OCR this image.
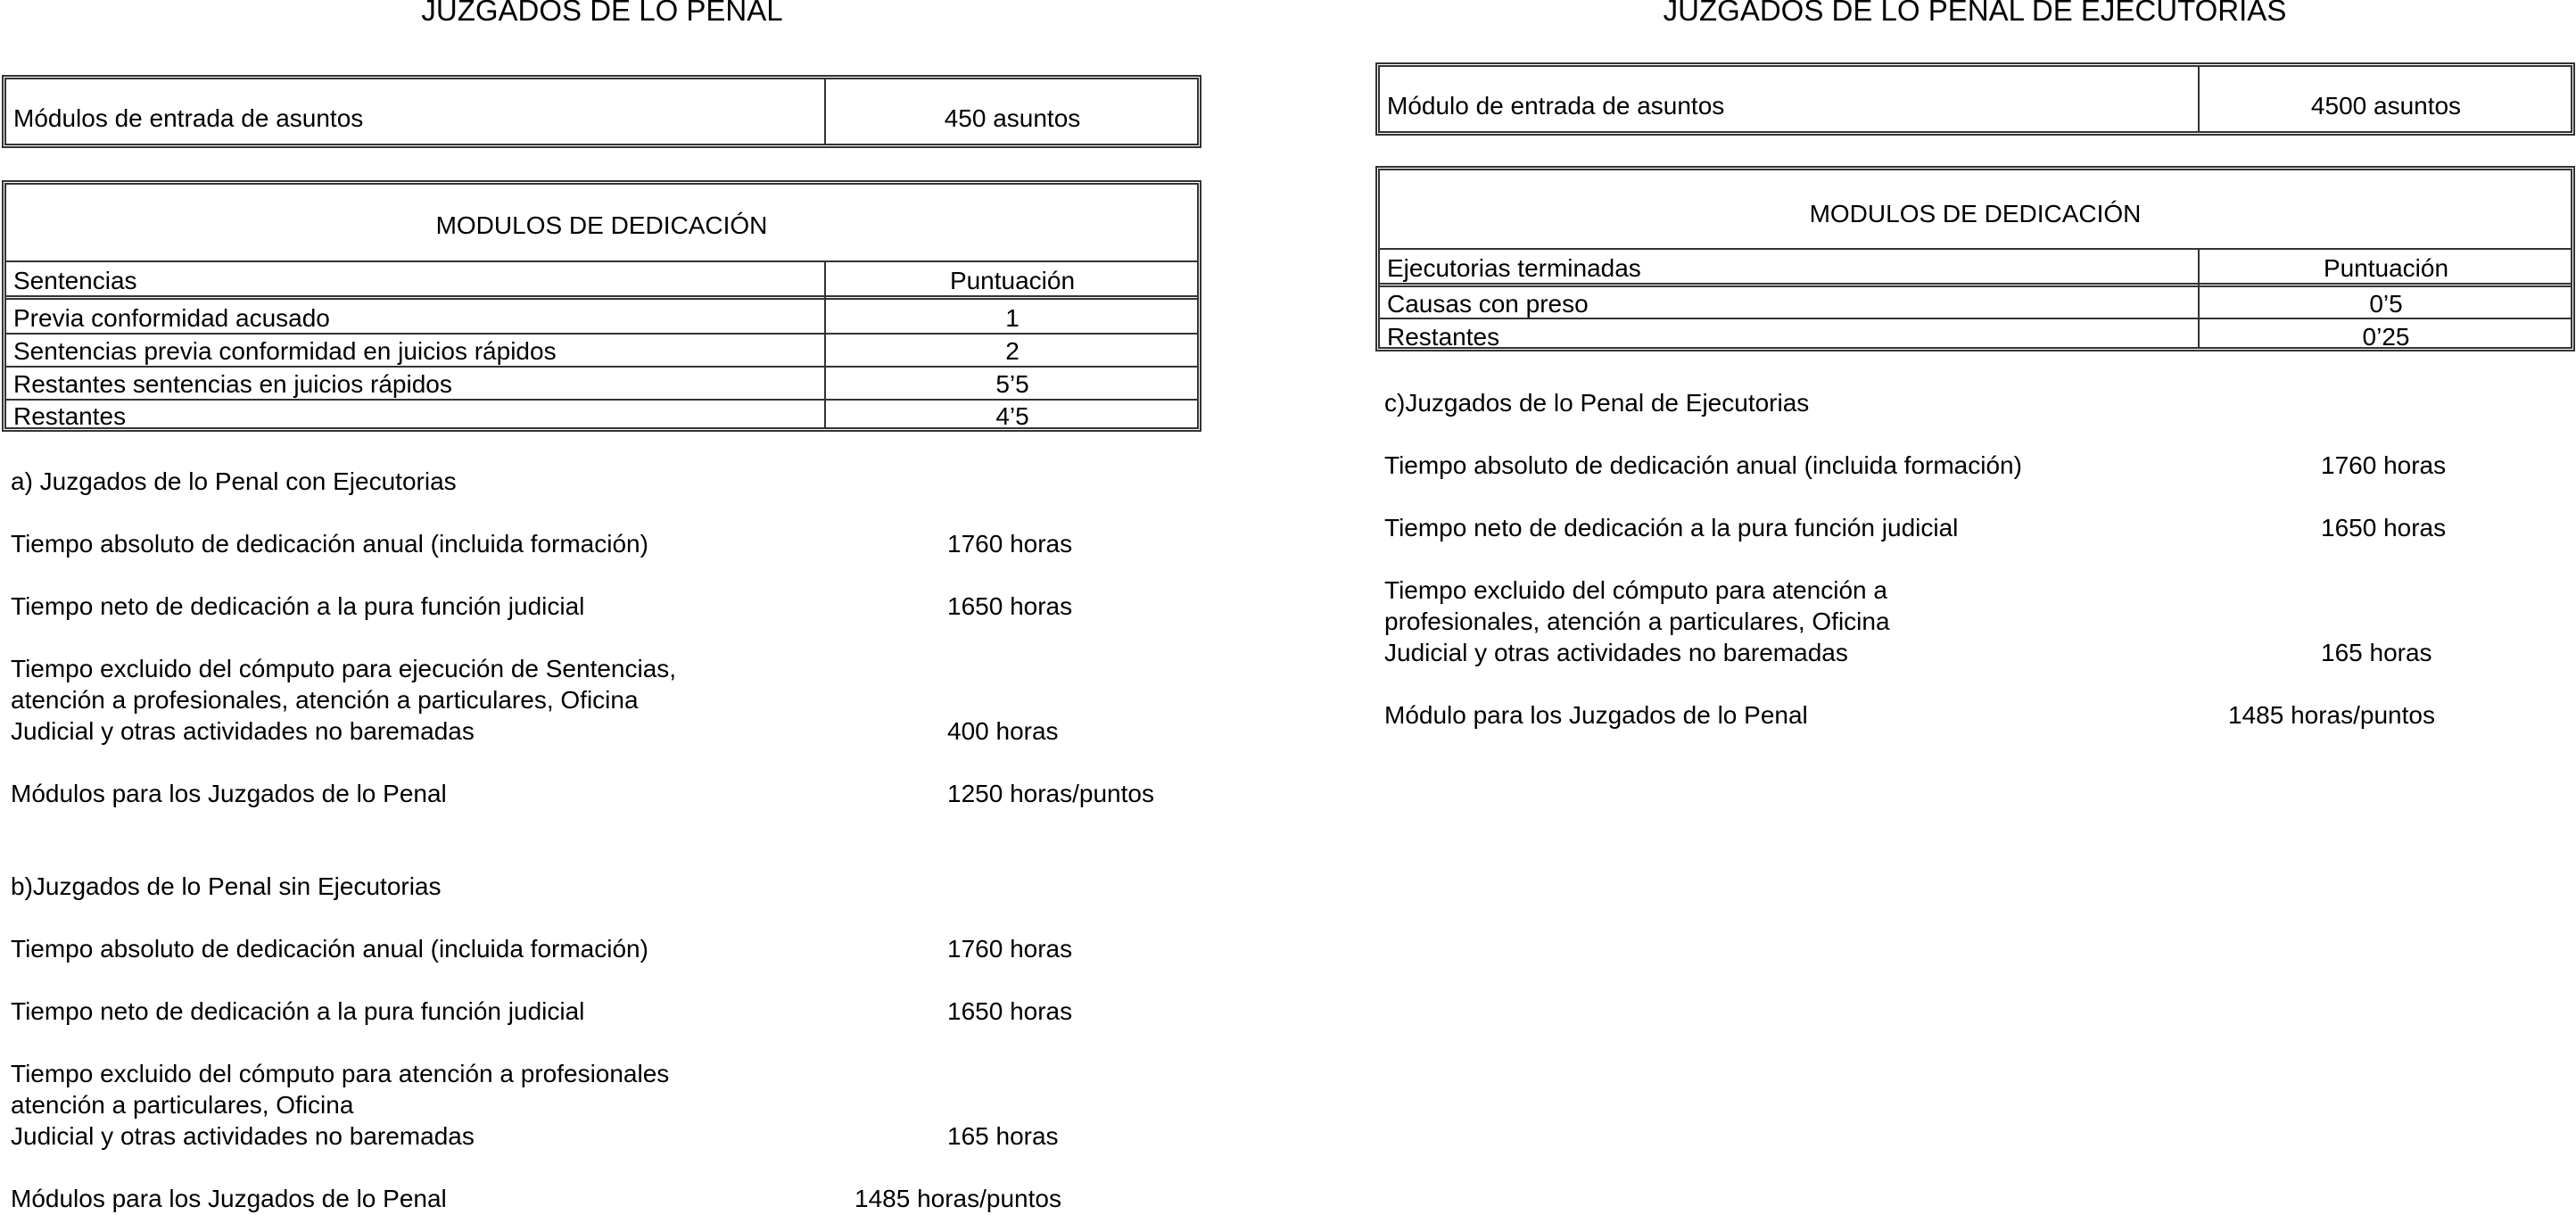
JUZGADOS DE LO PENAL
Módulos de entrada de asuntos	450 asuntos
MODULOS DE DEDICACIÓN
Sentencias	Puntuación
Previa conformidad acusado	1
Sentencias previa conformidad en juicios rápidos	2
Restantes sentencias en juicios rápidos	5’5
Restantes	4’5
a) Juzgados de lo Penal con Ejecutorias
Tiempo absoluto de dedicación anual (incluida formación)	1760 horas
Tiempo neto de dedicación a la pura función judicial	1650 horas
Tiempo excluido del cómputo para ejecución de Sentencias,
atención a profesionales, atención a particulares, Oficina
Judicial y otras actividades no baremadas	400 horas
Módulos para los Juzgados de lo Penal	1250 horas/puntos
b)Juzgados de lo Penal sin Ejecutorias
Tiempo absoluto de dedicación anual (incluida formación)	1760 horas
Tiempo neto de dedicación a la pura función judicial	1650 horas
Tiempo excluido del cómputo para atención a profesionales
atención a particulares, Oficina
Judicial y otras actividades no baremadas	165 horas
Módulos para los Juzgados de lo Penal	1485 horas/puntos
JUZGADOS DE LO PENAL DE EJECUTORIAS
Módulo de entrada de asuntos	4500 asuntos
MODULOS DE DEDICACIÓN
Ejecutorias terminadas	Puntuación
Causas con preso	0’5
Restantes	0’25
c)Juzgados de lo Penal de Ejecutorias
Tiempo absoluto de dedicación anual (incluida formación)	1760 horas
Tiempo neto de dedicación a la pura función judicial	1650 horas
Tiempo excluido del cómputo para atención a
profesionales, atención a particulares, Oficina
Judicial y otras actividades no baremadas	165 horas
Módulo para los Juzgados de lo Penal	1485 horas/puntos
